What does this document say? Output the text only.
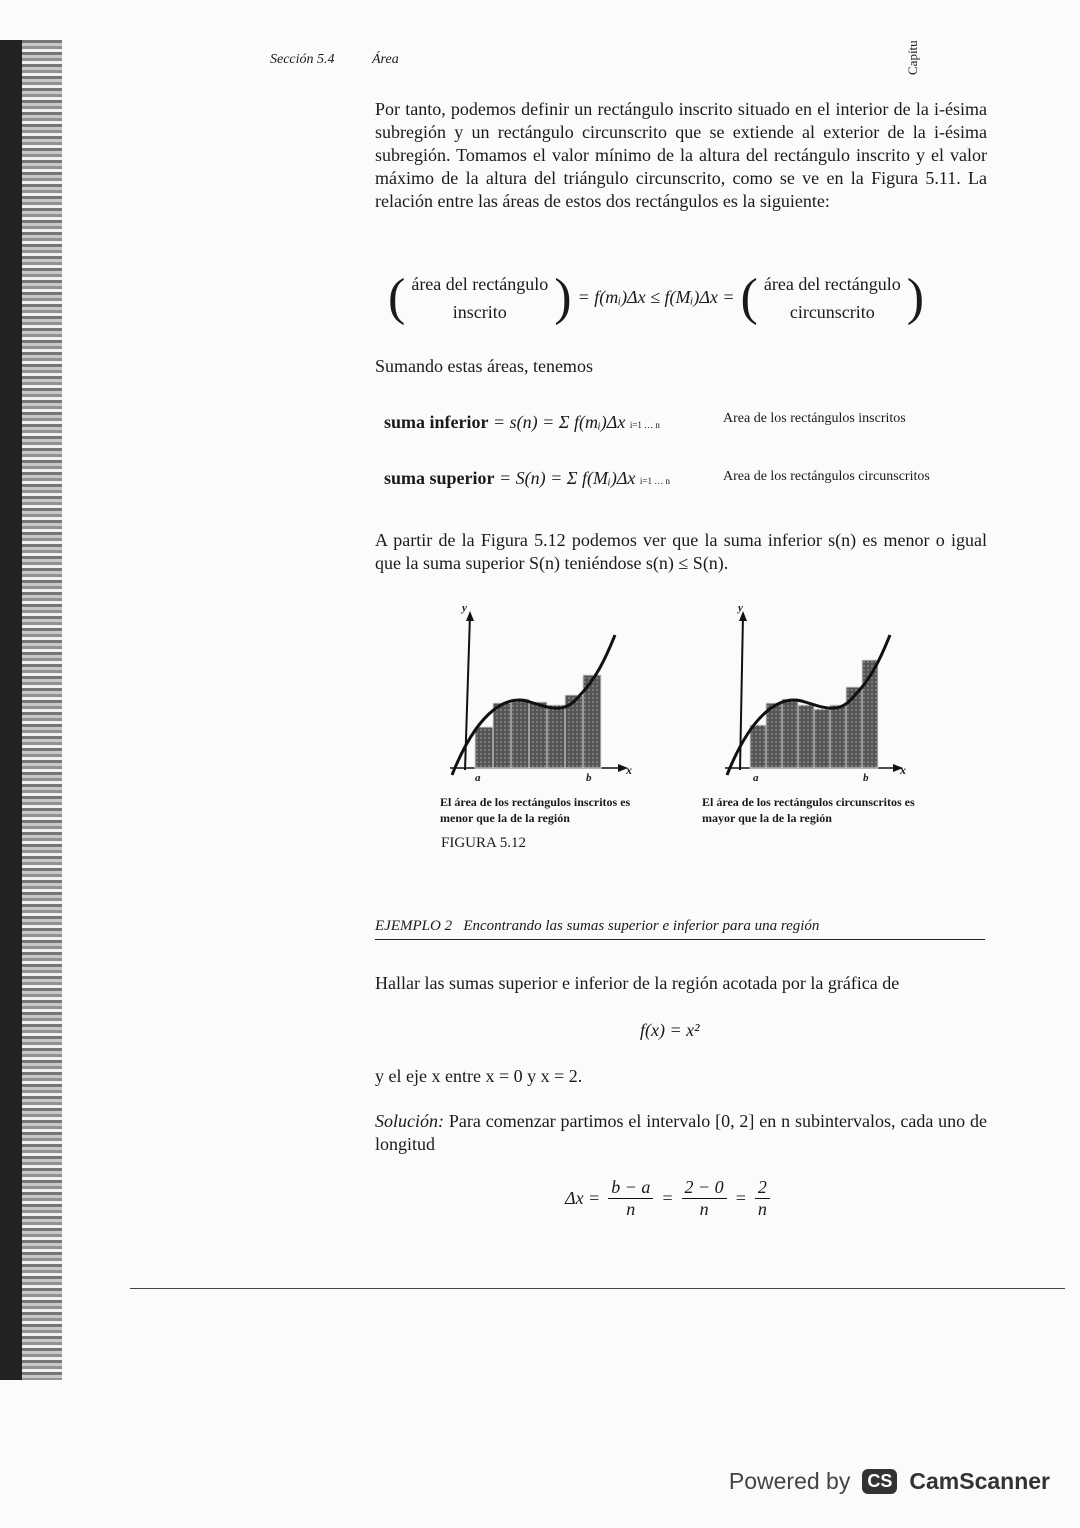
Sección 5.4	Área	Capítu
Por tanto, podemos definir un rectángulo inscrito situado en el interior de la i-ésima subregión y un rectángulo circunscrito que se extiende al exterior de la i-ésima subregión. Tomamos el valor mínimo de la altura del rectángulo inscrito y el valor máximo de la altura del triángulo circunscrito, como se ve en la Figura 5.11. La relación entre las áreas de estos dos rectángulos es la siguiente:
( área del rectángulo
inscrito ) = f(mᵢ)Δx ≤ f(Mᵢ)Δx = ( área del rectángulo
circunscrito )
Sumando estas áreas, tenemos
suma inferior = s(n) = Σ f(mᵢ)Δx i=1 … n	Area de los rectángulos inscritos
suma superior = S(n) = Σ f(Mᵢ)Δx i=1 … n	Area de los rectángulos circunscritos
A partir de la Figura 5.12 podemos ver que la suma inferior s(n) es menor o igual que la suma superior S(n) teniéndose s(n) ≤ S(n).
y
x
a	b
y
x
a	b
El área de los rectángulos inscritos es menor que la de la región
El área de los rectángulos circunscritos es mayor que la de la región
FIGURA 5.12
EJEMPLO 2   Encontrando las sumas superior e inferior para una región
Hallar las sumas superior e inferior de la región acotada por la gráfica de
f(x) = x²
y el eje x entre x = 0 y x = 2.
Solución: Para comenzar partimos el intervalo [0, 2] en n subintervalos, cada uno de longitud
$\Delta x = \frac{b - a}{n} = \frac{2 - 0}{n} = \frac{2}{n}$
Powered by CS CamScanner
